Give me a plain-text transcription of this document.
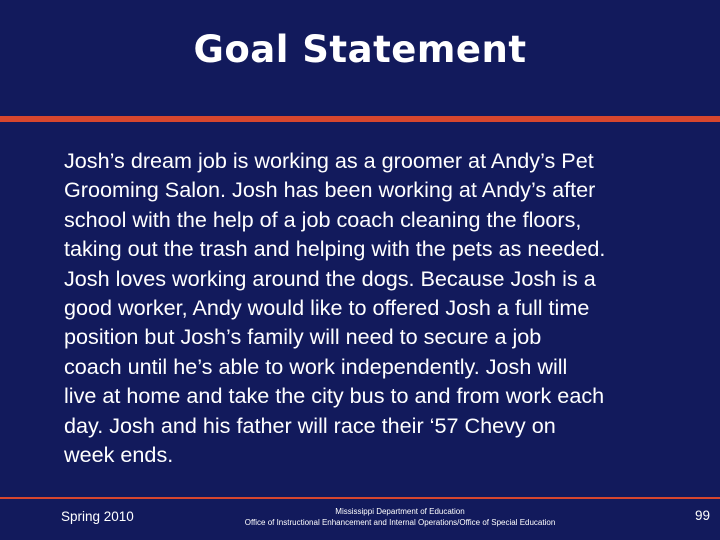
Goal Statement
Josh’s dream job is working as a groomer at Andy’s Pet
Grooming Salon. Josh has been working at Andy’s after
school with the help of a job coach cleaning the floors,
taking out the trash and helping with the pets as needed.
Josh loves working around the dogs. Because Josh is a
good worker, Andy would like to offered Josh a full time
position but Josh’s family will need to secure a job
coach until he’s able to work independently. Josh will
live at home and take the city bus to and from work each
day. Josh and his father will race their ‘57 Chevy on
week ends.
Spring 2010	Mississippi Department of Education
Office of Instructional Enhancement and Internal Operations/Office of Special Education	99
